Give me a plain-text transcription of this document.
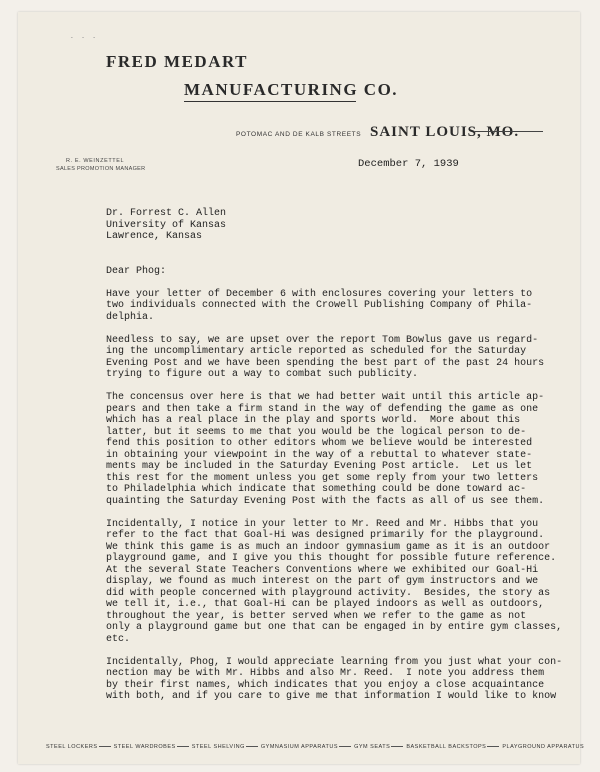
- - -
FRED MEDART
MANUFACTURING CO.
POTOMAC AND DE KALB STREETS SAINT LOUIS, MO.
R. E. WEINZETTEL
SALES PROMOTION MANAGER	December 7, 1939
Dr. Forrest C. Allen
University of Kansas
Lawrence, Kansas
Dear Phog:
Have your letter of December 6 with enclosures covering your letters to
two individuals connected with the Crowell Publishing Company of Phila-
delphia.
Needless to say, we are upset over the report Tom Bowlus gave us regard-
ing the uncomplimentary article reported as scheduled for the Saturday
Evening Post and we have been spending the best part of the past 24 hours
trying to figure out a way to combat such publicity.
The concensus over here is that we had better wait until this article ap-
pears and then take a firm stand in the way of defending the game as one
which has a real place in the play and sports world.  More about this
latter, but it seems to me that you would be the logical person to de-
fend this position to other editors whom we believe would be interested
in obtaining your viewpoint in the way of a rebuttal to whatever state-
ments may be included in the Saturday Evening Post article.  Let us let
this rest for the moment unless you get some reply from your two letters
to Philadelphia which indicate that something could be done toward ac-
quainting the Saturday Evening Post with the facts as all of us see them.
Incidentally, I notice in your letter to Mr. Reed and Mr. Hibbs that you
refer to the fact that Goal-Hi was designed primarily for the playground.
We think this game is as much an indoor gymnasium game as it is an outdoor
playground game, and I give you this thought for possible future reference.
At the several State Teachers Conventions where we exhibited our Goal-Hi
display, we found as much interest on the part of gym instructors and we
did with people concerned with playground activity.  Besides, the story as
we tell it, i.e., that Goal-Hi can be played indoors as well as outdoors,
throughout the year, is better served when we refer to the game as not
only a playground game but one that can be engaged in by entire gym classes,
etc.
Incidentally, Phog, I would appreciate learning from you just what your con-
nection may be with Mr. Hibbs and also Mr. Reed.  I note you address them
by their first names, which indicates that you enjoy a close acquaintance
with both, and if you care to give me that information I would like to know
STEEL LOCKERS	STEEL WARDROBES	STEEL SHELVING	GYMNASIUM APPARATUS	GYM SEATS	BASKETBALL BACKSTOPS	PLAYGROUND APPARATUS
